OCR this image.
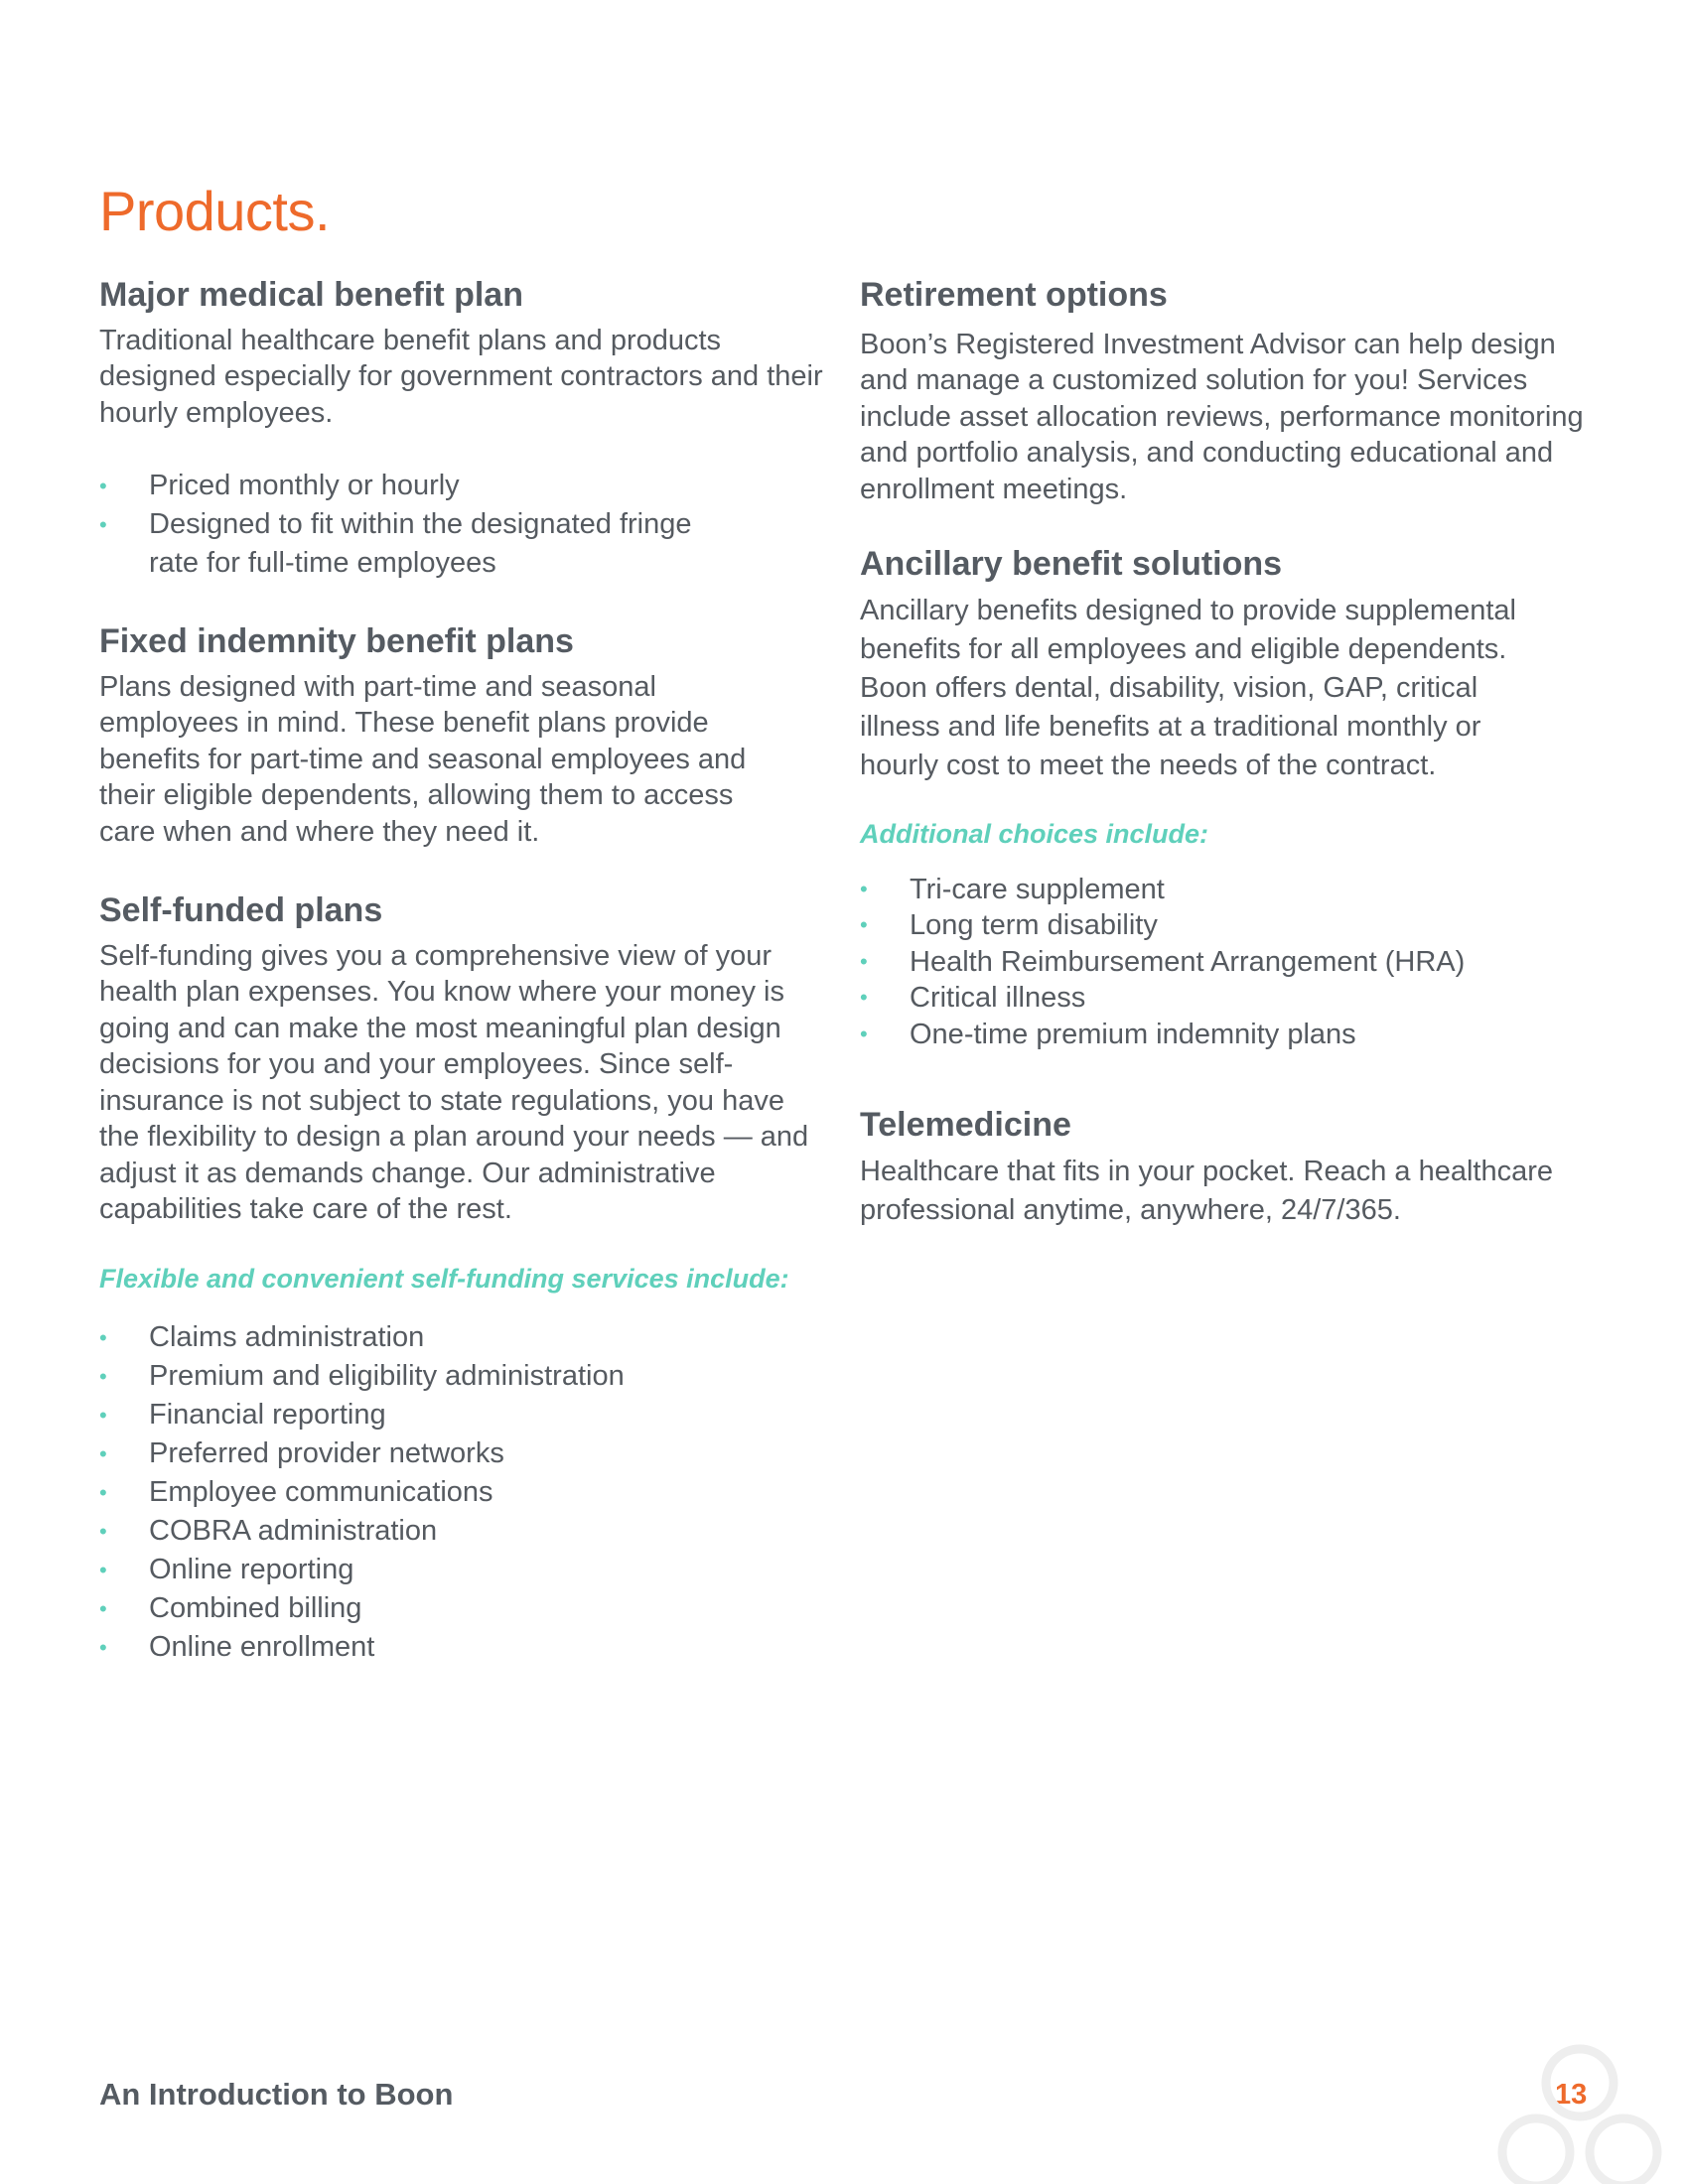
Products.
Major medical benefit plan

Traditional healthcare benefit plans and products designed especially for government contractors and their hourly employees.

• Priced monthly or hourly
• Designed to fit within the designated fringe rate for full-time employees
Fixed indemnity benefit plans

Plans designed with part-time and seasonal employees in mind. These benefit plans provide benefits for part-time and seasonal employees and their eligible dependents, allowing them to access care when and where they need it.

Self-funded plans

Self-funding gives you a comprehensive view of your health plan expenses. You know where your money is going and can make the most meaningful plan design decisions for you and your employees. Since self-insurance is not subject to state regulations, you have the flexibility to design a plan around your needs — and adjust it as demands change. Our administrative capabilities take care of the rest.

Flexible and convenient self-funding services include:

• Claims administration
• Premium and eligibility administration
• Financial reporting
• Preferred provider networks
• Employee communications
• COBRA administration
• Online reporting
• Combined billing
• Online enrollment
Retirement options

Boon’s Registered Investment Advisor can help design and manage a customized solution for you! Services include asset allocation reviews, performance monitoring and portfolio analysis, and conducting educational and enrollment meetings.

Ancillary benefit solutions

Ancillary benefits designed to provide supplemental benefits for all employees and eligible dependents. Boon offers dental, disability, vision, GAP, critical illness and life benefits at a traditional monthly or hourly cost to meet the needs of the contract.

Additional choices include:

• Tri-care supplement
• Long term disability
• Health Reimbursement Arrangement (HRA)
• Critical illness
• One-time premium indemnity plans
Telemedicine

Healthcare that fits in your pocket. Reach a healthcare professional anytime, anywhere, 24/7/365.

An Introduction to Boon	13
